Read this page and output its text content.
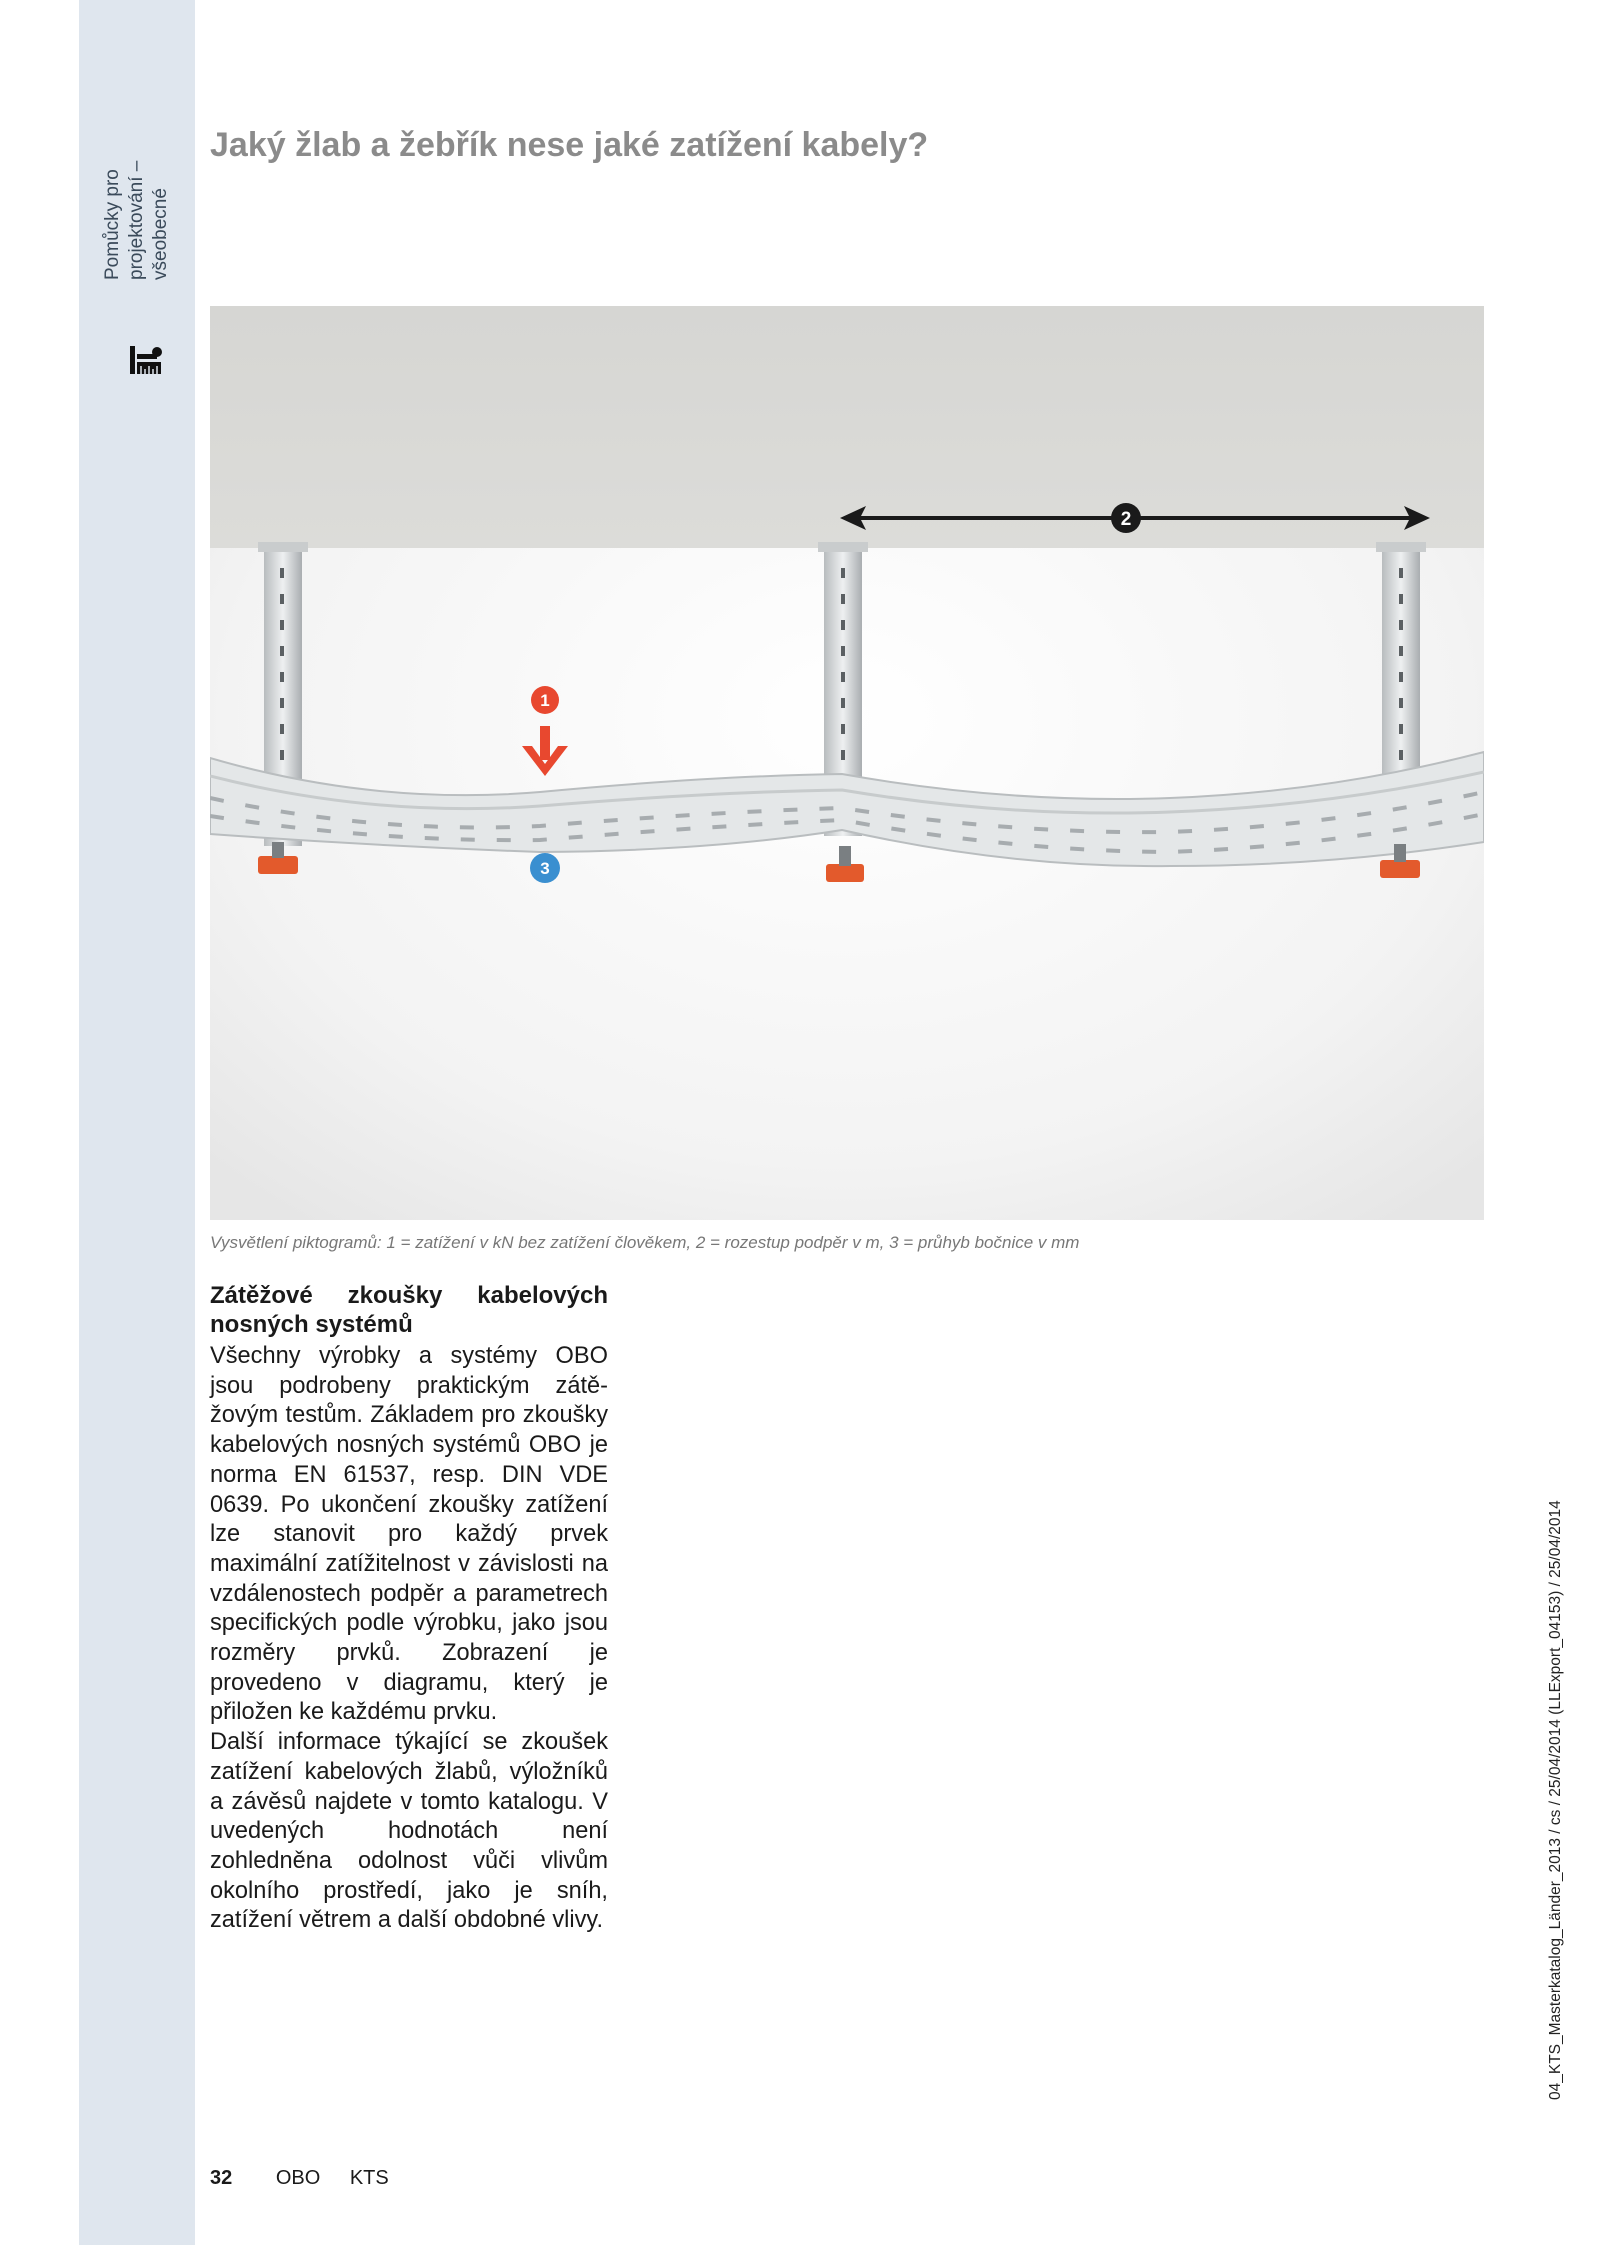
Pomůcky pro projektování – všeobecné
Jaký žlab a žebřík nese jaké zatížení kabely?
2
1
3
Vysvětlení piktogramů: 1 = zatížení v kN bez zatížení člověkem, 2 = rozestup podpěr v m, 3 = průhyb bočnice v mm
Zátěžové zkoušky kabelových nosných systémů

Všechny výrobky a systémy OBO jsou podrobeny praktickým zátěžovým testům. Základem pro zkoušky kabelových nosných systémů OBO je norma EN 61537, resp. DIN VDE 0639. Po ukončení zkoušky zatížení lze stanovit pro každý prvek maximální zatížitelnost v závislosti na vzdálenostech podpěr a parametrech specifických podle výrobku, jako jsou rozměry prvků. Zobrazení je provedeno v diagramu, který je přiložen ke každému prvku.

Další informace týkající se zkoušek zatížení kabelových žlabů, výložníků a závěsů najdete v tomto katalogu. V uvedených hodnotách není zohledněna odolnost vůči vlivům okolního prostředí, jako je sníh, zatížení větrem a další obdobné vlivy.	04_KTS_Masterkatalog_Länder_2013 / cs / 25/04/2014 (LLExport_04153) / 25/04/2014
32 OBO KTS
